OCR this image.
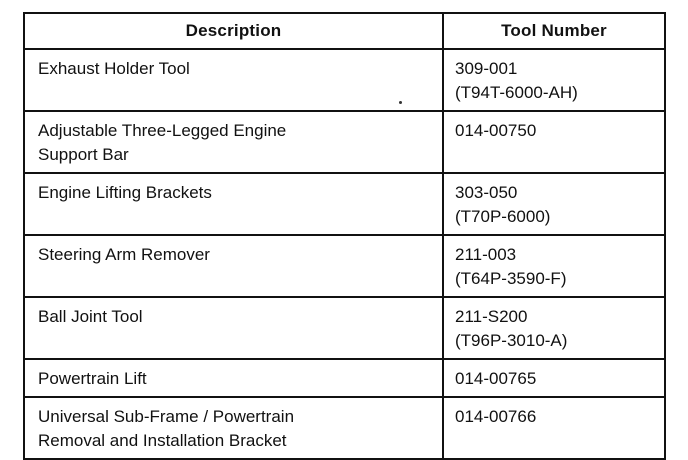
Description	Tool Number

Exhaust Holder Tool	309-001
(T94T-6000-AH)

Adjustable Three-Legged Engine
Support Bar	014-00750

Engine Lifting Brackets	303-050
(T70P-6000)

Steering Arm Remover	211-003
(T64P-3590-F)

Ball Joint Tool	211-S200
(T96P-3010-A)

Powertrain Lift	014-00765

Universal Sub-Frame / Powertrain
Removal and Installation Bracket	014-00766
